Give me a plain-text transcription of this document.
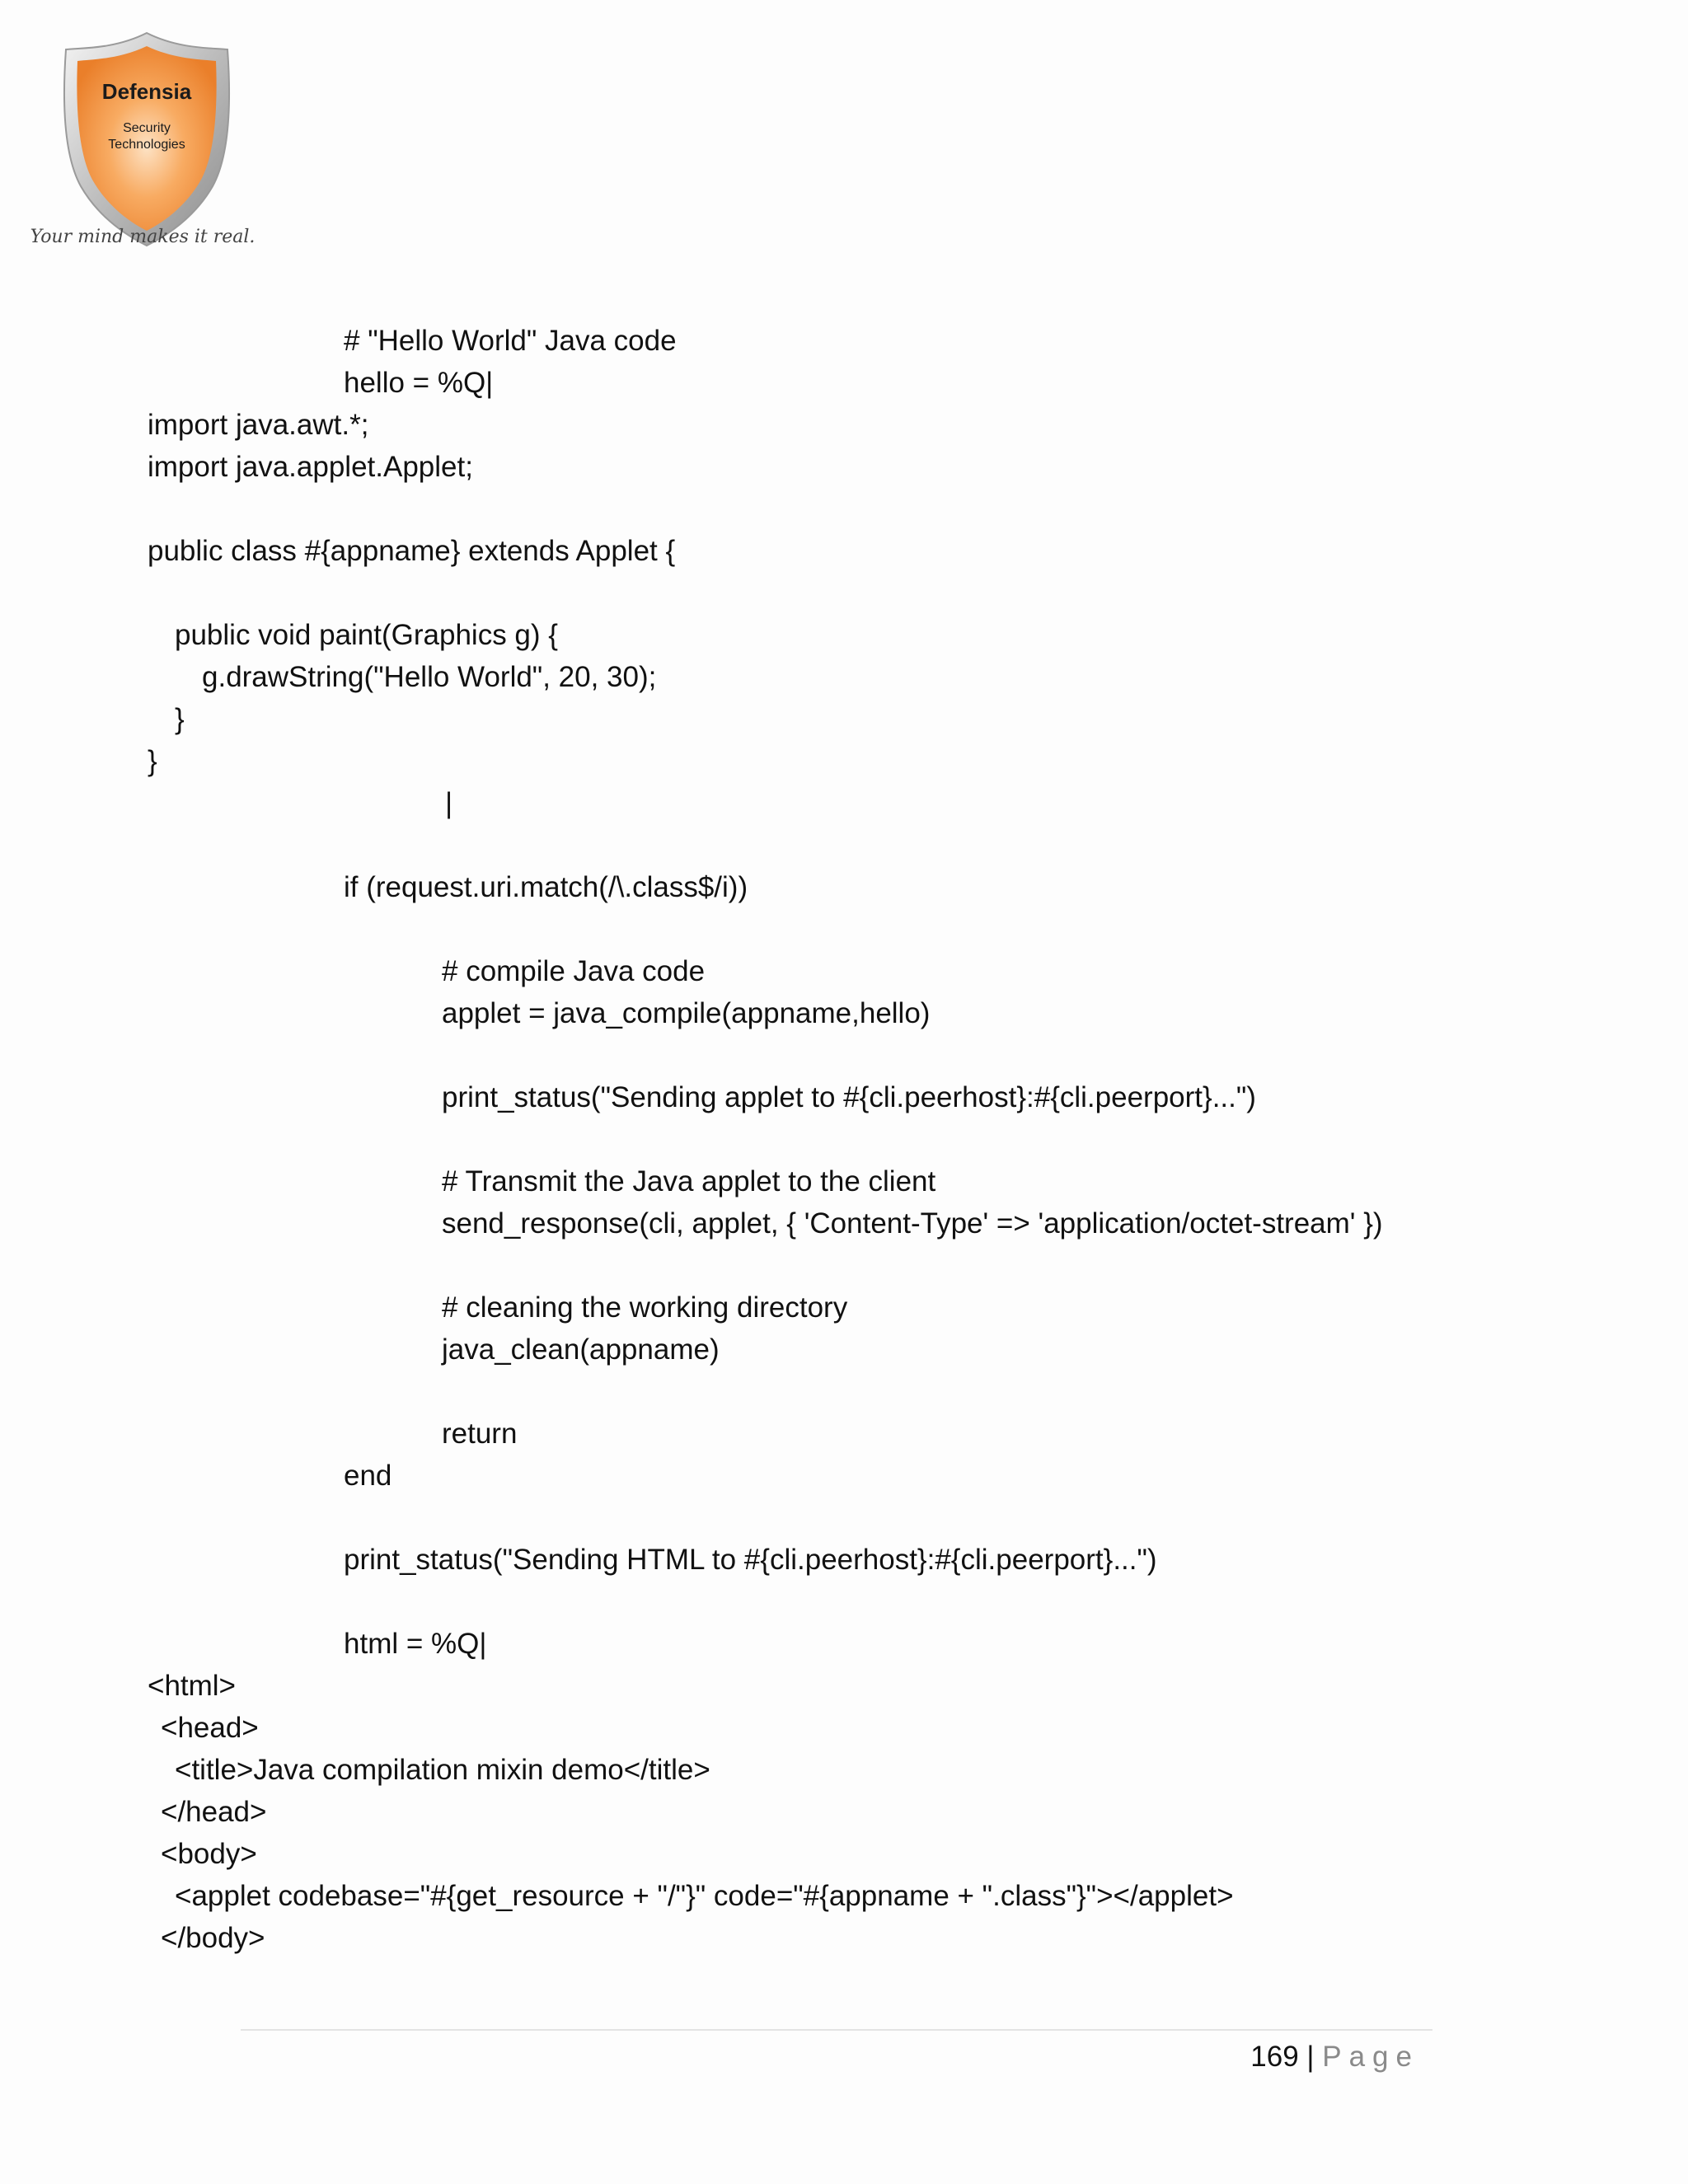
Defensia
Security
Technologies
Your mind makes it real.
# "Hello World" Java code
hello = %Q|
import java.awt.*;
import java.applet.Applet;
public class #{appname} extends Applet {
public void paint(Graphics g) {
g.drawString("Hello World", 20, 30);
}
}
|
if (request.uri.match(/\.class$/i))
# compile Java code
applet = java_compile(appname,hello)
print_status("Sending applet to #{cli.peerhost}:#{cli.peerport}...")
# Transmit the Java applet to the client
send_response(cli, applet, { 'Content-Type' => 'application/octet-stream' })
# cleaning the working directory
java_clean(appname)
return
end
print_status("Sending HTML to #{cli.peerhost}:#{cli.peerport}...")
html = %Q|
<html>
<head>
<title>Java compilation mixin demo</title>
</head>
<body>
<applet codebase="#{get_resource + "/"}" code="#{appname + ".class"}"></applet>
</body>
169 | Page
